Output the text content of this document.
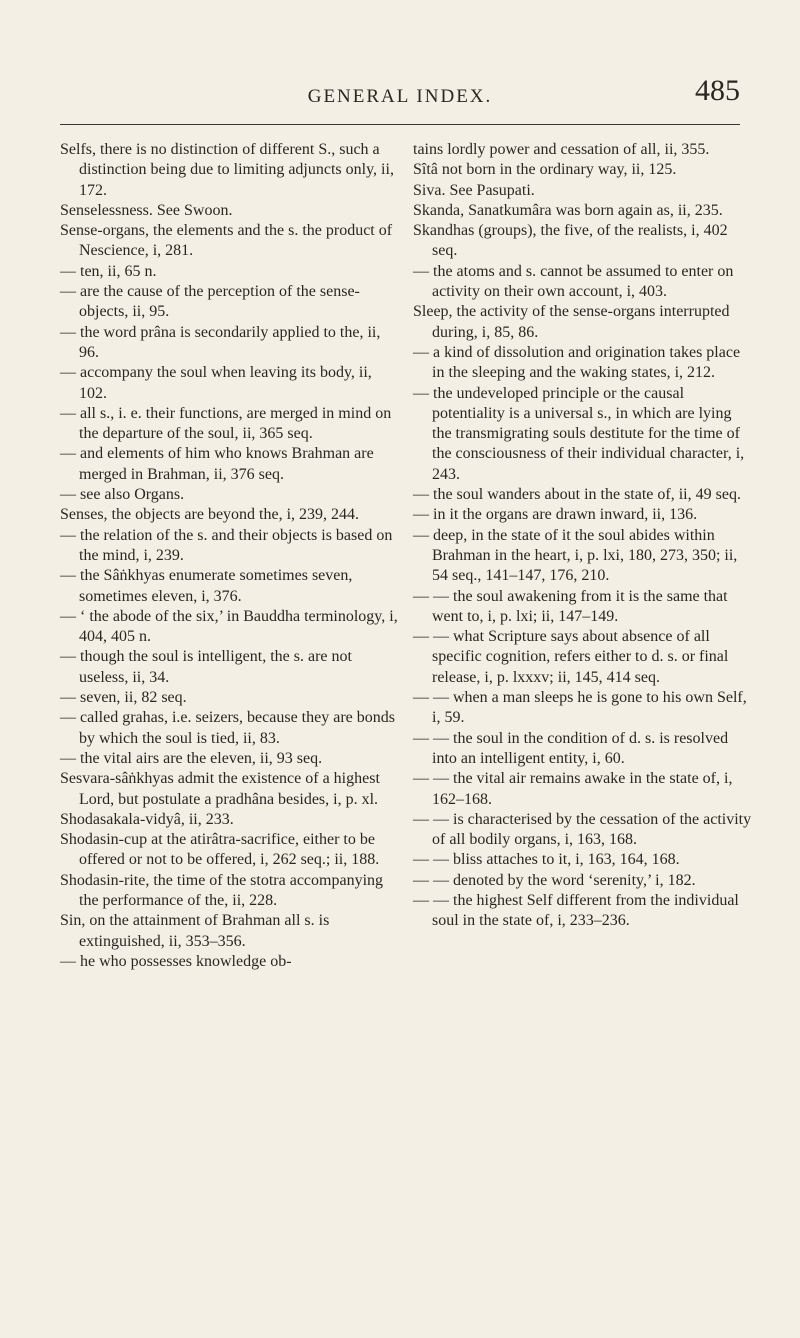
GENERAL INDEX.	485

Selfs, there is no distinction of different S., such a distinction being due to limiting adjuncts only, ii, 172.

Senselessness. See Swoon.

Sense-organs, the elements and the s. the product of Nescience, i, 281.

— ten, ii, 65 n.

— are the cause of the perception of the sense-objects, ii, 95.

— the word prâna is secondarily applied to the, ii, 96.

— accompany the soul when leaving its body, ii, 102.

— all s., i. e. their functions, are merged in mind on the departure of the soul, ii, 365 seq.

— and elements of him who knows Brahman are merged in Brahman, ii, 376 seq.

— see also Organs.

Senses, the objects are beyond the, i, 239, 244.

— the relation of the s. and their objects is based on the mind, i, 239.

— the Sâṅkhyas enumerate sometimes seven, sometimes eleven, i, 376.

— ‘ the abode of the six,’ in Bauddha terminology, i, 404, 405 n.

— though the soul is intelligent, the s. are not useless, ii, 34.

— seven, ii, 82 seq.

— called grahas, i.e. seizers, because they are bonds by which the soul is tied, ii, 83.

— the vital airs are the eleven, ii, 93 seq.

Sesvara-sâṅkhyas admit the existence of a highest Lord, but postulate a pradhâna besides, i, p. xl.

Shodasakala-vidyâ, ii, 233.

Shodasin-cup at the atirâtra-sacrifice, either to be offered or not to be offered, i, 262 seq.; ii, 188.

Shodasin-rite, the time of the stotra accompanying the performance of the, ii, 228.

Sin, on the attainment of Brahman all s. is extinguished, ii, 353–356.

— he who possesses knowledge ob-

tains lordly power and cessation of all, ii, 355.

Sîtâ not born in the ordinary way, ii, 125.

Siva. See Pasupati.

Skanda, Sanatkumâra was born again as, ii, 235.

Skandhas (groups), the five, of the realists, i, 402 seq.

— the atoms and s. cannot be assumed to enter on activity on their own account, i, 403.

Sleep, the activity of the sense-organs interrupted during, i, 85, 86.

— a kind of dissolution and origination takes place in the sleeping and the waking states, i, 212.

— the undeveloped principle or the causal potentiality is a universal s., in which are lying the transmigrating souls destitute for the time of the consciousness of their individual character, i, 243.

— the soul wanders about in the state of, ii, 49 seq.

— in it the organs are drawn inward, ii, 136.

— deep, in the state of it the soul abides within Brahman in the heart, i, p. lxi, 180, 273, 350; ii, 54 seq., 141–147, 176, 210.

— — the soul awakening from it is the same that went to, i, p. lxi; ii, 147–149.

— — what Scripture says about absence of all specific cognition, refers either to d. s. or final release, i, p. lxxxv; ii, 145, 414 seq.

— — when a man sleeps he is gone to his own Self, i, 59.

— — the soul in the condition of d. s. is resolved into an intelligent entity, i, 60.

— — the vital air remains awake in the state of, i, 162–168.

— — is characterised by the cessation of the activity of all bodily organs, i, 163, 168.

— — bliss attaches to it, i, 163, 164, 168.

— — denoted by the word ‘serenity,’ i, 182.

— — the highest Self different from the individual soul in the state of, i, 233–236.
